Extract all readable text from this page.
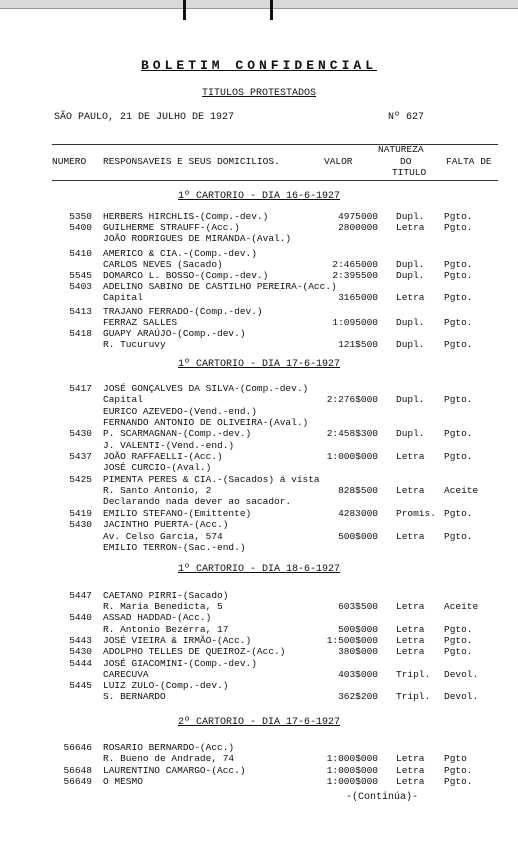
BOLETIM CONFIDENCIAL
TITULOS PROTESTADOS
SÃO PAULO, 21 DE JULHO DE 1927	Nº 627
NUMERO RESPONSAVEIS E SEUS DOMICILIOS.	VALOR
NATUREZA
DO
TITULO
FALTA DE
1º CARTORIO - DIA 16-6-1927
1º CARTORIO - DIA 17-6-1927
1º CARTORIO - DIA 18-6-1927
2º CARTORIO - DIA 17-6-1927
5350 HERBERS HIRCHLIS-(Comp.-dev.)	4975000 Dupl. Pgto.
5400 GUILHERME STRAUFF-(Acc.)	2800000 Letra Pgto.
JOÃO RODRIGUES DE MIRANDA-(Aval.)
5410 AMERICO & CIA.-(Comp.-dev.)
CARLOS NEVES (Sacado)	2:465000 Dupl. Pgto.
5545 DOMARCO L. BOSSO-(Comp.-dev.)	2:395500 Dupl. Pgto.
5403 ADELINO SABINO DE CASTILHO PEREIRA-(Acc.)
Capital	3165000 Letra Pgto.
5413 TRAJANO FERRADO-(Comp.-dev.)
FERRAZ SALLES	1:095000 Dupl. Pgto.
5418 GUAPY ARAÚJO-(Comp.-dev.)
R. Tucuruvy	121$500 Dupl. Pgto.
5417 JOSÉ GONÇALVES DA SILVA-(Comp.-dev.)
Capital	2:276$000 Dupl. Pgto.
EURICO AZEVEDO-(Vend.-end.)
FERNANDO ANTONIO DE OLIVEIRA-(Aval.)
5430 P. SCARMAGNAN-(Comp.-dev.)	2:458$300 Dupl. Pgto.
J. VALENTI-(Vend.-end.)
5437 JOÃO RAFFAELLI-(Acc.)	1:000$000 Letra Pgto.
JOSÉ CURCIO-(Aval.)
5425 PIMENTA PERES & CIA.-(Sacados) á vista
R. Santo Antonio, 2	828$500 Letra Aceite
Declarando nada dever ao sacador.
5419 EMILIO STEFANO-(Emittente)	4283000 Promis. Pgto.
5430 JACINTHO PUERTA-(Acc.)
Av. Celso Garcia, 574	500$000 Letra Pgto.
EMILIO TERRON-(Sac.-end.)
5447 CAETANO PIRRI-(Sacado)
R. Maria Benedicta, 5	603$500 Letra Aceite
5440 ASSAD HADDAD-(Acc.)
R. Antonio Bezerra, 17	500$000 Letra Pgto.
5443 JOSÉ VIEIRA & IRMÃO-(Acc.)	1:500$000 Letra Pgto.
5430 ADOLPHO TELLES DE QUEIROZ-(Acc.)	380$000 Letra Pgto.
5444 JOSÉ GIACOMINI-(Comp.-dev.)
CARECUVA	403$000 Tripl. Devol.
5445 LUIZ ZULO-(Comp.-dev.)
S. BERNARDO	362$200 Tripl. Devol.
56646 ROSARIO BERNARDO-(Acc.)
R. Bueno de Andrade, 74	1:000$000 Letra Pgto
56648 LAURENTINO CAMARGO-(Acc.)	1:000$000 Letra Pgto.
56649 O MESMO	1:000$000 Letra Pgto.
-(Continúa)-
